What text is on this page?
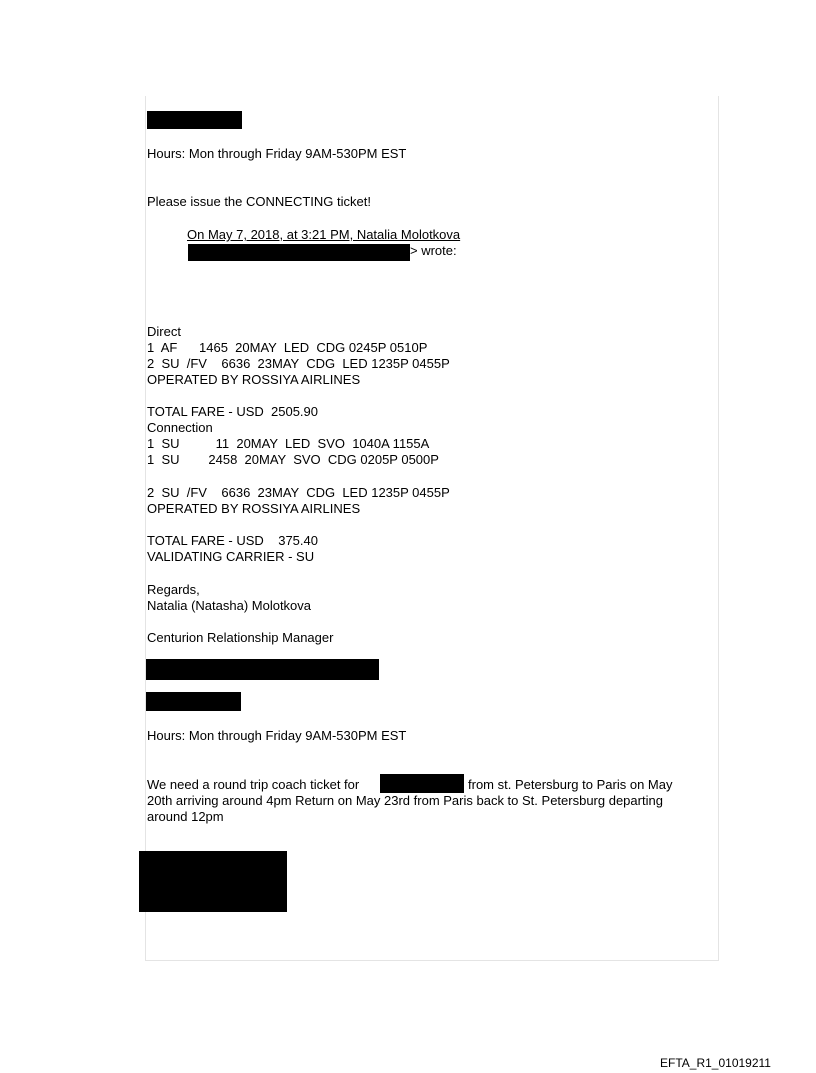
Hours: Mon through Friday 9AM-530PM EST
Please issue the CONNECTING ticket!
On May 7, 2018, at 3:21 PM, Natalia Molotkova
> wrote:
Direct
1  AF      1465  20MAY  LED  CDG 0245P 0510P
2  SU  /FV    6636  23MAY  CDG  LED 1235P 0455P
OPERATED BY ROSSIYA AIRLINES
TOTAL FARE - USD  2505.90
Connection
1  SU          11  20MAY  LED  SVO  1040A 1155A
1  SU        2458  20MAY  SVO  CDG 0205P 0500P
2  SU  /FV    6636  23MAY  CDG  LED 1235P 0455P
OPERATED BY ROSSIYA AIRLINES
TOTAL FARE - USD    375.40
VALIDATING CARRIER - SU
Regards,
Natalia (Natasha) Molotkova
Centurion Relationship Manager
Hours: Mon through Friday 9AM-530PM EST
We need a round trip coach ticket for	from st. Petersburg to Paris on May
20th arriving around 4pm Return on May 23rd from Paris back to St. Petersburg departing
around 12pm
EFTA_R1_01019211
